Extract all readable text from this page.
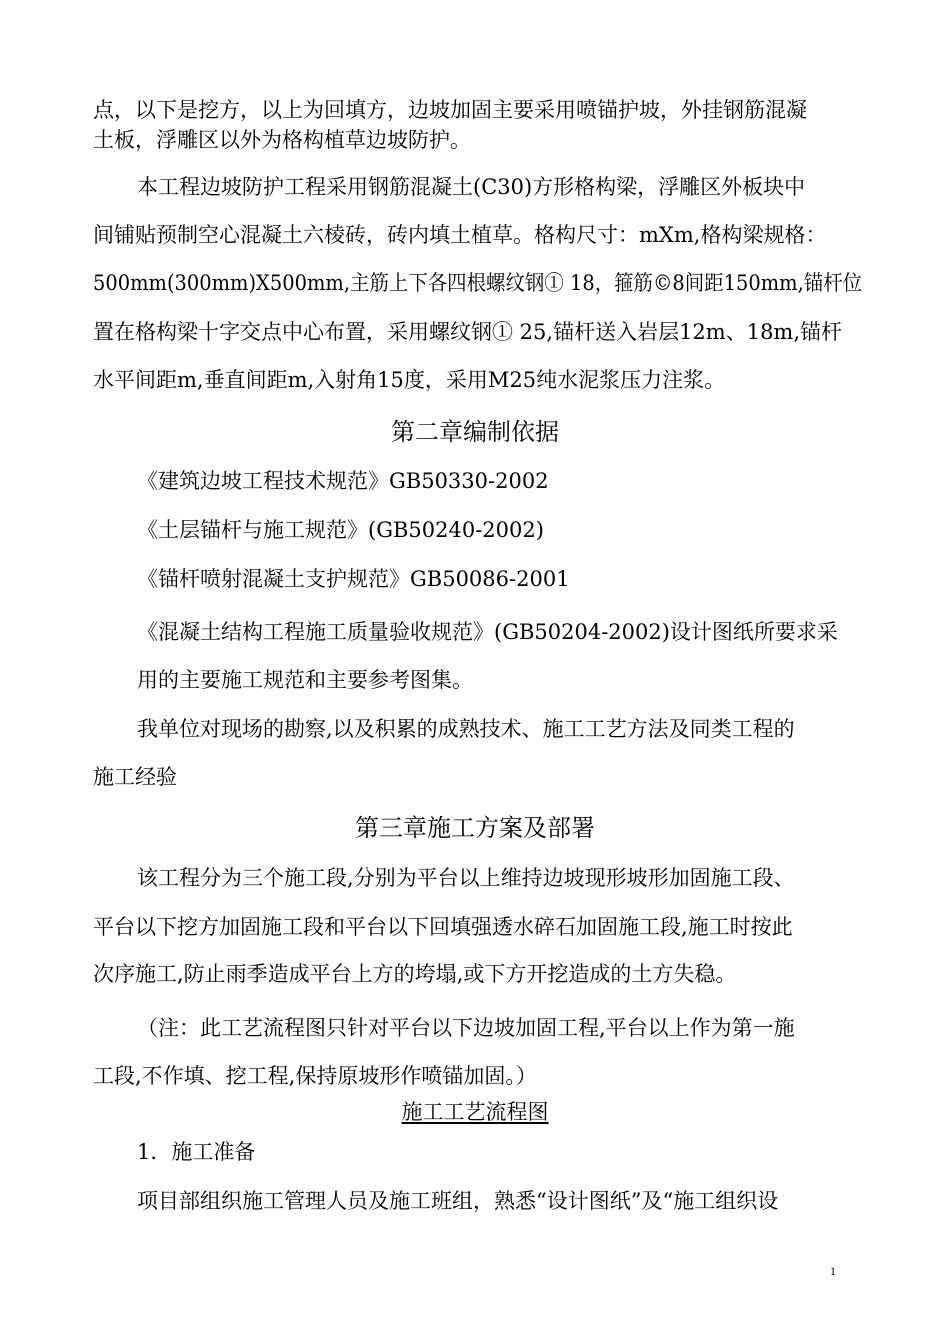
点，以下是挖方，以上为回填方，边坡加固主要采用喷锚护坡，外挂钢筋混凝
土板，浮雕区以外为格构植草边坡防护。
本工程边坡防护工程采用钢筋混凝土(C30)方形格构梁，浮雕区外板块中
间铺贴预制空心混凝土六棱砖，砖内填土植草。格构尺寸：mXm,格构梁规格：
500mm(300mm)X500mm,主筋上下各四根螺纹钢① 18，箍筋©8间距150mm,锚杆位
置在格构梁十字交点中心布置，采用螺纹钢① 25,锚杆送入岩层12m、18m,锚杆
水平间距m,垂直间距m,入射角15度，采用M25纯水泥浆压力注浆。
第二章编制依据
《建筑边坡工程技术规范》GB50330-2002
《土层锚杆与施工规范》(GB50240-2002)
《锚杆喷射混凝土支护规范》GB50086-2001
《混凝土结构工程施工质量验收规范》(GB50204-2002)设计图纸所要求采
用的主要施工规范和主要参考图集。
我单位对现场的勘察,以及积累的成熟技术、施工工艺方法及同类工程的
施工经验
第三章施工方案及部署
该工程分为三个施工段,分别为平台以上维持边坡现形坡形加固施工段、
平台以下挖方加固施工段和平台以下回填强透水碎石加固施工段,施工时按此
次序施工,防止雨季造成平台上方的垮塌,或下方开挖造成的土方失稳。
（注：此工艺流程图只针对平台以下边坡加固工程,平台以上作为第一施
工段,不作填、挖工程,保持原坡形作喷锚加固。）
施工工艺流程图
1．施工准备
项目部组织施工管理人员及施工班组，熟悉“设计图纸”及“施工组织设
1
